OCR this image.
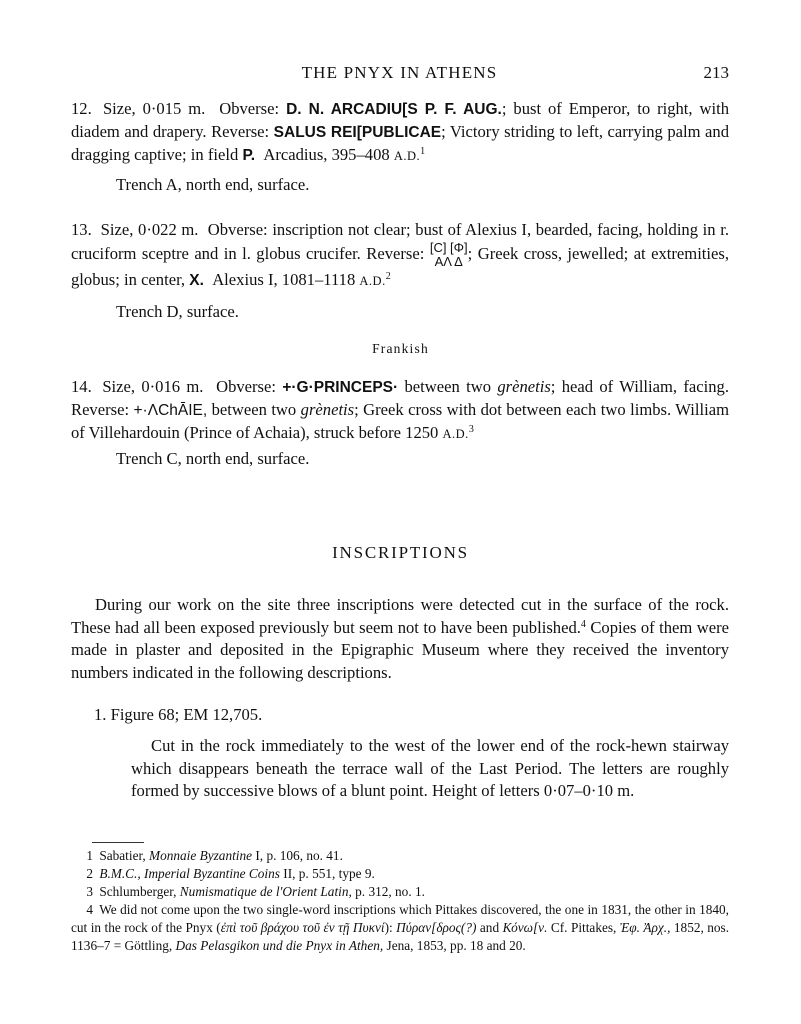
THE PNYX IN ATHENS	213
12. Size, 0·015 m. Obverse: D. N. ARCADIU[S P. F. AUG.; bust of Emperor, to right, with diadem and drapery. Reverse: SALUS REI[PUBLICAE; Victory striding to left, carrying palm and dragging captive; in field P. Arcadius, 395–408 A.D.$^1$
Trench A, north end, surface.
13. Size, 0·022 m. Obverse: inscription not clear; bust of Alexius I, bearded, facing, holding in r. cruciform sceptre and in l. globus crucifer. Reverse: [C] [Φ]
ΑΛ Δ ; Greek cross, jewelled; at extremities, globus; in center, X. Alexius I, 1081–1118 A.D.$^2$
Trench D, surface.
Frankish
14. Size, 0·016 m. Obverse: +·G·PRINCEPS· between two grènetis; head of William, facing. Reverse: +·ΛChĀIE, between two grènetis; Greek cross with dot between each two limbs. William of Villehardouin (Prince of Achaia), struck before 1250 A.D.$^3$
Trench C, north end, surface.
INSCRIPTIONS
During our work on the site three inscriptions were detected cut in the surface of the rock. These had all been exposed previously but seem not to have been published.$^4$ Copies of them were made in plaster and deposited in the Epigraphic Museum where they received the inventory numbers indicated in the following descriptions.
1. Figure 68; EM 12,705.
Cut in the rock immediately to the west of the lower end of the rock-hewn stairway which disappears beneath the terrace wall of the Last Period. The letters are roughly formed by successive blows of a blunt point. Height of letters 0·07–0·10 m.
1 Sabatier, Monnaie Byzantine I, p. 106, no. 41.
2 B.M.C., Imperial Byzantine Coins II, p. 551, type 9.
3 Schlumberger, Numismatique de l'Orient Latin, p. 312, no. 1.
4 We did not come upon the two single-word inscriptions which Pittakes discovered, the one in 1831, the other in 1840, cut in the rock of the Pnyx (ἐπὶ τοῦ βράχου τοῦ ἐν τῇ Πυκνί): Πύραν[δρος(?) and Κόνω[ν. Cf. Pittakes, Ἐφ. Ἀρχ., 1852, nos. 1136–7 = Göttling, Das Pelasgikon und die Pnyx in Athen, Jena, 1853, pp. 18 and 20.
